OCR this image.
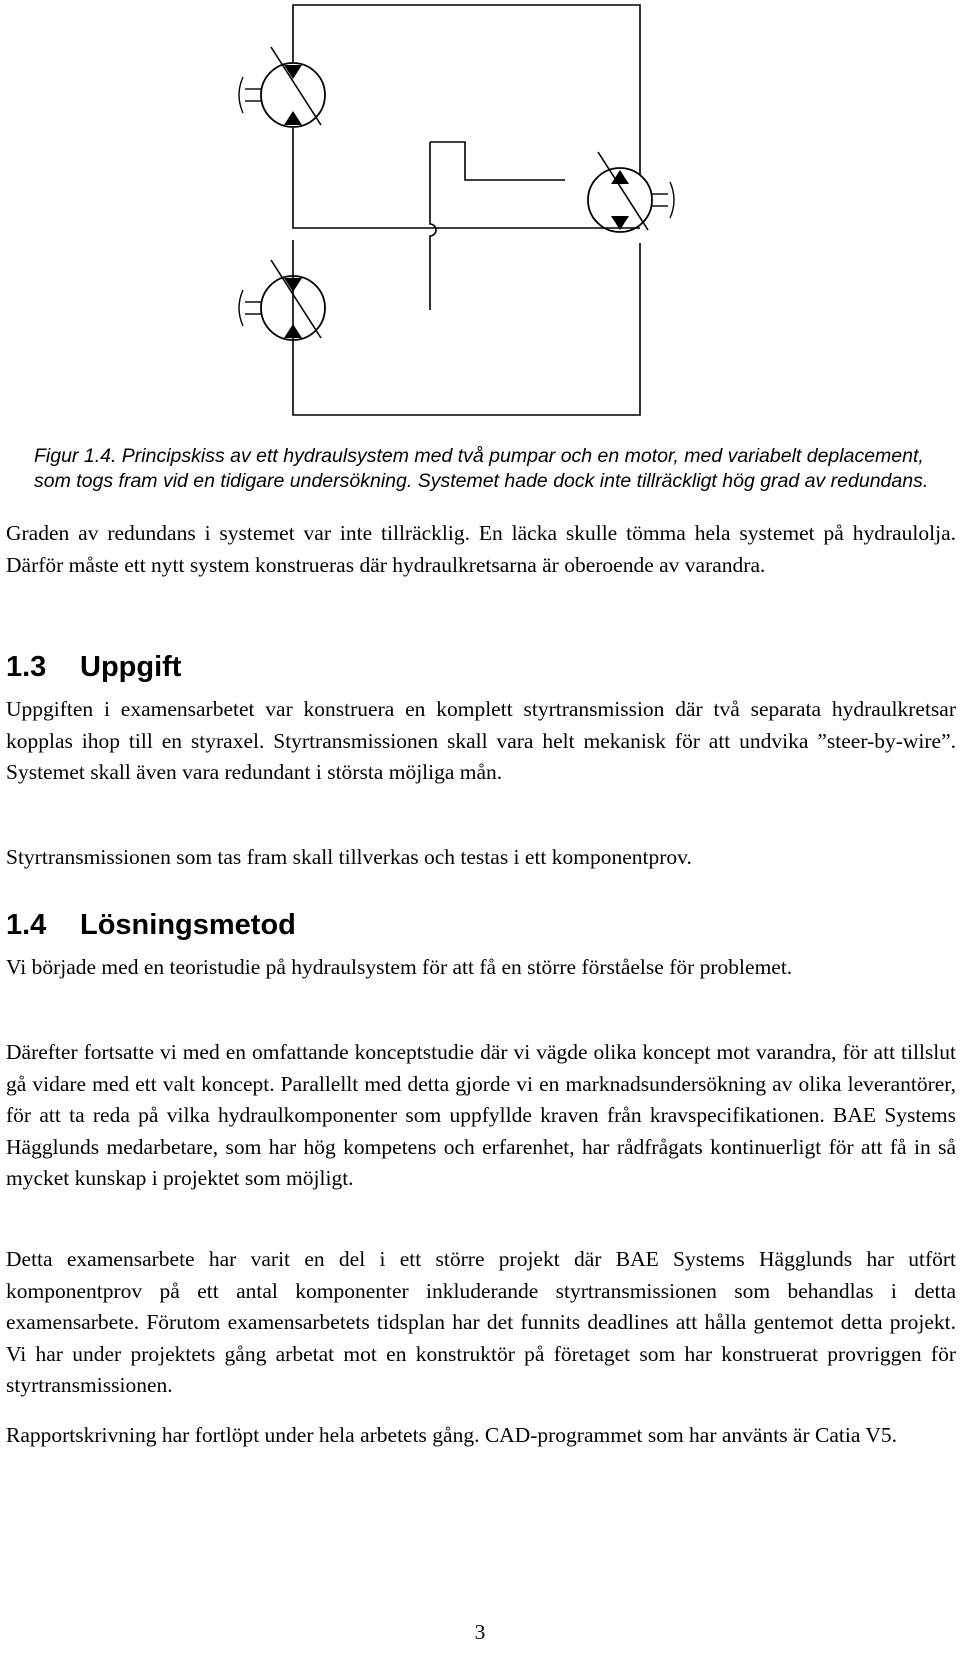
Figur 1.4. Principskiss av ett hydraulsystem med två pumpar och en motor, med variabelt deplacement, som togs fram vid en tidigare undersökning. Systemet hade dock inte tillräckligt hög grad av redundans.

Graden av redundans i systemet var inte tillräcklig. En läcka skulle tömma hela systemet på hydraulolja. Därför måste ett nytt system konstrueras där hydraulkretsarna är oberoende av varandra.

1.3 Uppgift

Uppgiften i examensarbetet var konstruera en komplett styrtransmission där två separata hydraulkretsar kopplas ihop till en styraxel. Styrtransmissionen skall vara helt mekanisk för att undvika ”steer-by-wire”. Systemet skall även vara redundant i största möjliga mån.

Styrtransmissionen som tas fram skall tillverkas och testas i ett komponentprov.

1.4 Lösningsmetod

Vi började med en teoristudie på hydraulsystem för att få en större förståelse för problemet.

Därefter fortsatte vi med en omfattande konceptstudie där vi vägde olika koncept mot varandra, för att tillslut gå vidare med ett valt koncept. Parallellt med detta gjorde vi en marknadsundersökning av olika leverantörer, för att ta reda på vilka hydraulkomponenter som uppfyllde kraven från kravspecifikationen. BAE Systems Hägglunds medarbetare, som har hög kompetens och erfarenhet, har rådfrågats kontinuerligt för att få in så mycket kunskap i projektet som möjligt.

Detta examensarbete har varit en del i ett större projekt där BAE Systems Hägglunds har utfört komponentprov på ett antal komponenter inkluderande styrtransmissionen som behandlas i detta examensarbete. Förutom examensarbetets tidsplan har det funnits deadlines att hålla gentemot detta projekt. Vi har under projektets gång arbetat mot en konstruktör på företaget som har konstruerat provriggen för styrtransmissionen.

Rapportskrivning har fortlöpt under hela arbetets gång. CAD-programmet som har använts är Catia V5.

3
